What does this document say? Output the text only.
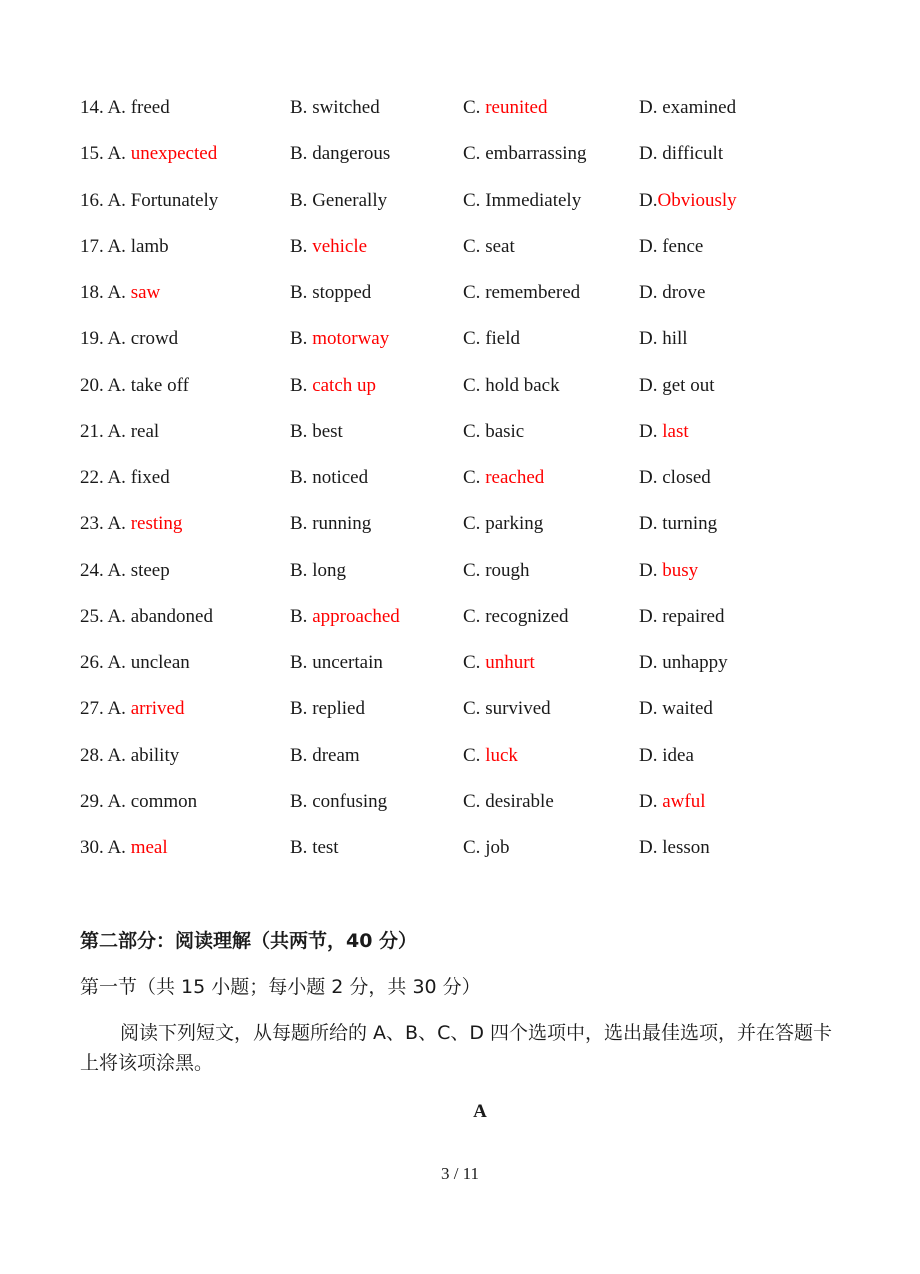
14. A. freed	B. switched	C. reunited	D. examined
15. A. unexpected	B. dangerous	C. embarrassing	D. difficult
16. A. Fortunately	B. Generally	C. Immediately	D.Obviously
17. A. lamb	B. vehicle	C. seat	D. fence
18. A. saw	B. stopped	C. remembered	D. drove
19. A. crowd	B. motorway	C. field	D. hill
20. A. take off	B. catch up	C. hold back	D. get out
21. A. real	B. best	C. basic	D. last
22. A. fixed	B. noticed	C. reached	D. closed
23. A. resting	B. running	C. parking	D. turning
24. A. steep	B. long	C. rough	D. busy
25. A. abandoned	B. approached	C. recognized	D. repaired
26. A. unclean	B. uncertain	C. unhurt	D. unhappy
27. A. arrived	B. replied	C. survived	D. waited
28. A. ability	B. dream	C. luck	D. idea
29. A. common	B. confusing	C. desirable	D. awful
30. A. meal	B. test	C. job	D. lesson
第二部分：阅读理解（共两节，40 分）
第一节（共 15 小题；每小题 2 分，共 30 分）
阅读下列短文，从每题所给的 A、B、C、D 四个选项中，选出最佳选项，并在答题卡上将该项涂黑。
A
3 / 11
